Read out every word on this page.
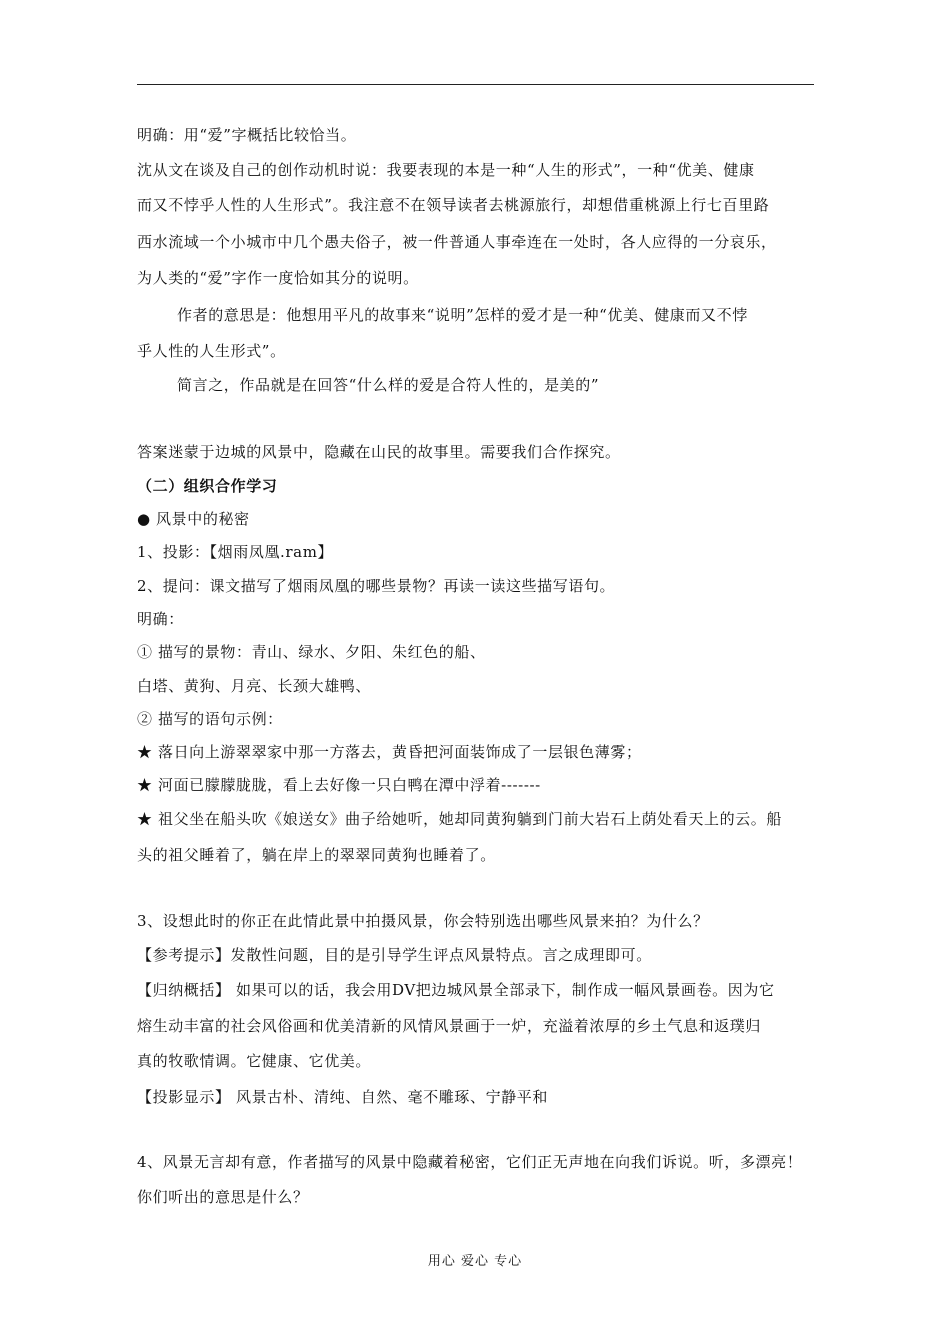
明确：用“爱”字概括比较恰当。
沈从文在谈及自己的创作动机时说：我要表现的本是一种“人生的形式”，一种“优美、健康
而又不悖乎人性的人生形式”。我注意不在领导读者去桃源旅行，却想借重桃源上行七百里路
西水流域一个小城市中几个愚夫俗子，被一件普通人事牵连在一处时，各人应得的一分哀乐，
为人类的“爱”字作一度恰如其分的说明。
作者的意思是：他想用平凡的故事来“说明”怎样的爱才是一种“优美、健康而又不悖
乎人性的人生形式”。
简言之，作品就是在回答“什么样的爱是合符人性的，是美的”
答案迷蒙于边城的风景中，隐藏在山民的故事里。需要我们合作探究。
（二）组织合作学习
● 风景中的秘密
1、投影：【烟雨凤凰.ram】
2、提问：课文描写了烟雨凤凰的哪些景物？再读一读这些描写语句。
明确：
① 描写的景物：青山、绿水、夕阳、朱红色的船、
白塔、黄狗、月亮、长颈大雄鸭、
② 描写的语句示例：
★ 落日向上游翠翠家中那一方落去，黄昏把河面装饰成了一层银色薄雾；
★ 河面已朦朦胧胧，看上去好像一只白鸭在潭中浮着-------
★ 祖父坐在船头吹《娘送女》曲子给她听，她却同黄狗躺到门前大岩石上荫处看天上的云。船
头的祖父睡着了，躺在岸上的翠翠同黄狗也睡着了。
3、设想此时的你正在此情此景中拍摄风景，你会特别选出哪些风景来拍？为什么？
【参考提示】发散性问题，目的是引导学生评点风景特点。言之成理即可。
【归纳概括】 如果可以的话，我会用DV把边城风景全部录下，制作成一幅风景画卷。因为它
熔生动丰富的社会风俗画和优美清新的风情风景画于一炉，充溢着浓厚的乡土气息和返璞归
真的牧歌情调。它健康、它优美。
【投影显示】 风景古朴、清纯、自然、毫不雕琢、宁静平和
4、风景无言却有意，作者描写的风景中隐藏着秘密，它们正无声地在向我们诉说。听，多漂亮！
你们听出的意思是什么？
用心 爱心 专心
